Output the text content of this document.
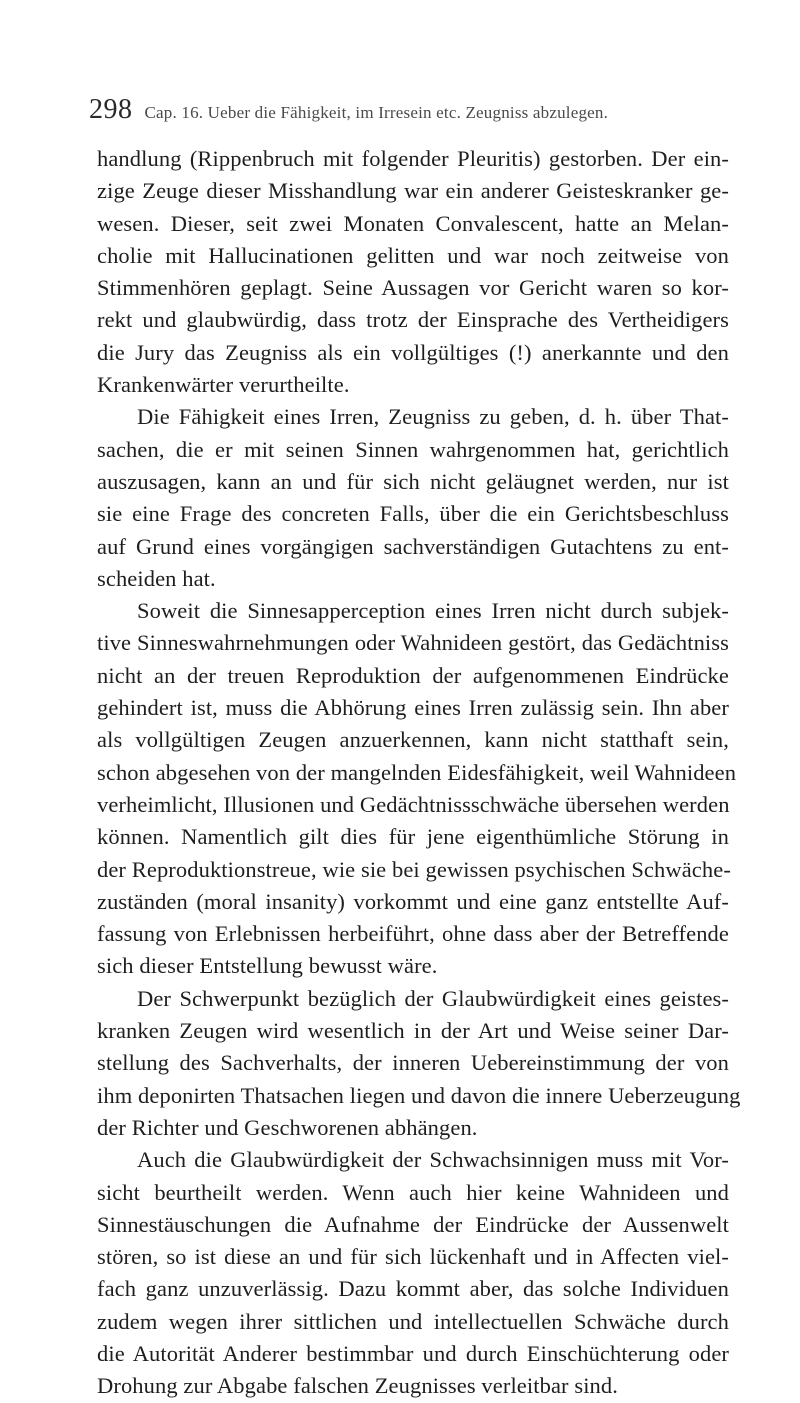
298 Cap. 16. Ueber die Fähigkeit, im Irresein etc. Zeugniss abzulegen.
handlung (Rippenbruch mit folgender Pleuritis) gestorben. Der ein-
zige Zeuge dieser Misshandlung war ein anderer Geisteskranker ge-
wesen. Dieser, seit zwei Monaten Convalescent, hatte an Melan-
cholie mit Hallucinationen gelitten und war noch zeitweise von
Stimmenhören geplagt. Seine Aussagen vor Gericht waren so kor-
rekt und glaubwürdig, dass trotz der Einsprache des Vertheidigers
die Jury das Zeugniss als ein vollgültiges (!) anerkannte und den
Krankenwärter verurtheilte.
Die Fähigkeit eines Irren, Zeugniss zu geben, d. h. über That-
sachen, die er mit seinen Sinnen wahrgenommen hat, gerichtlich
auszusagen, kann an und für sich nicht geläugnet werden, nur ist
sie eine Frage des concreten Falls, über die ein Gerichtsbeschluss
auf Grund eines vorgängigen sachverständigen Gutachtens zu ent-
scheiden hat.
Soweit die Sinnesapperception eines Irren nicht durch subjek-
tive Sinneswahrnehmungen oder Wahnideen gestört, das Gedächtniss
nicht an der treuen Reproduktion der aufgenommenen Eindrücke
gehindert ist, muss die Abhörung eines Irren zulässig sein. Ihn aber
als vollgültigen Zeugen anzuerkennen, kann nicht statthaft sein,
schon abgesehen von der mangelnden Eidesfähigkeit, weil Wahnideen
verheimlicht, Illusionen und Gedächtnissschwäche übersehen werden
können. Namentlich gilt dies für jene eigenthümliche Störung in
der Reproduktionstreue, wie sie bei gewissen psychischen Schwäche-
zuständen (moral insanity) vorkommt und eine ganz entstellte Auf-
fassung von Erlebnissen herbeiführt, ohne dass aber der Betreffende
sich dieser Entstellung bewusst wäre.
Der Schwerpunkt bezüglich der Glaubwürdigkeit eines geistes-
kranken Zeugen wird wesentlich in der Art und Weise seiner Dar-
stellung des Sachverhalts, der inneren Uebereinstimmung der von
ihm deponirten Thatsachen liegen und davon die innere Ueberzeugung
der Richter und Geschworenen abhängen.
Auch die Glaubwürdigkeit der Schwachsinnigen muss mit Vor-
sicht beurtheilt werden. Wenn auch hier keine Wahnideen und
Sinnestäuschungen die Aufnahme der Eindrücke der Aussenwelt
stören, so ist diese an und für sich lückenhaft und in Affecten viel-
fach ganz unzuverlässig. Dazu kommt aber, das solche Individuen
zudem wegen ihrer sittlichen und intellectuellen Schwäche durch
die Autorität Anderer bestimmbar und durch Einschüchterung oder
Drohung zur Abgabe falschen Zeugnisses verleitbar sind.
